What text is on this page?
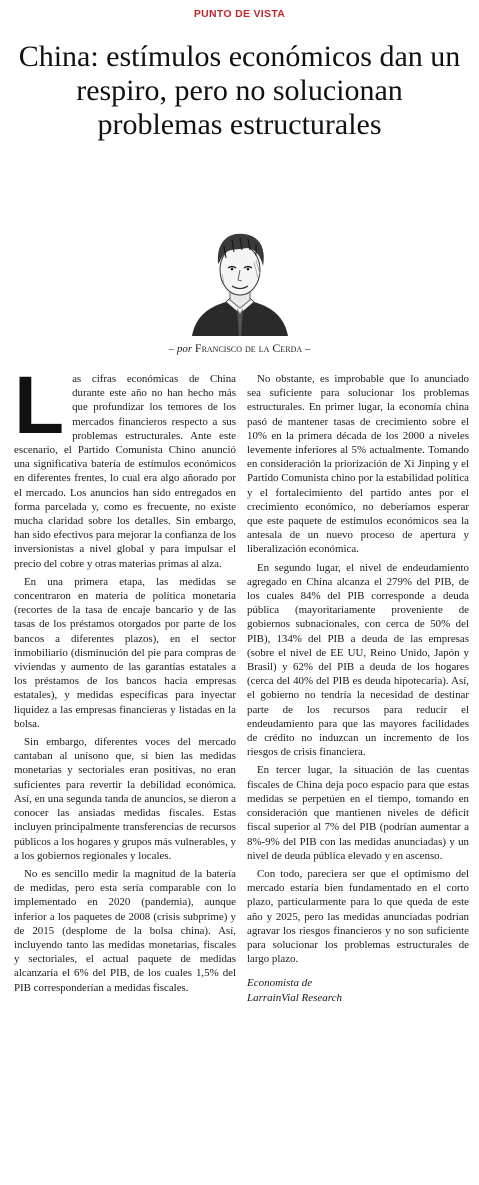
PUNTO DE VISTA
China: estímulos económicos dan un respiro, pero no solucionan problemas estructurales
– por Francisco de la Cerda –

Las cifras económicas de China durante este año no han hecho más que profundizar los temores de los mercados financieros respecto a sus problemas estructurales. Ante este escenario, el Partido Comunista Chino anunció una significativa batería de estímulos económicos en diferentes frentes, lo cual era algo añorado por el mercado. Los anuncios han sido entregados en forma parcelada y, como es frecuente, no existe mucha claridad sobre los detalles. Sin embargo, han sido efectivos para mejorar la confianza de los inversionistas a nivel global y para impulsar el precio del cobre y otras materias primas al alza.

En una primera etapa, las medidas se concentraron en materia de política monetaria (recortes de la tasa de encaje bancario y de las tasas de los préstamos otorgados por parte de los bancos a diferentes plazos), en el sector inmobiliario (disminución del pie para compras de viviendas y aumento de las garantías estatales a los préstamos de los bancos hacia empresas estatales), y medidas específicas para inyectar liquidez a las empresas financieras y listadas en la bolsa.

Sin embargo, diferentes voces del mercado cantaban al unísono que, si bien las medidas monetarias y sectoriales eran positivas, no eran suficientes para revertir la debilidad económica. Así, en una segunda tanda de anuncios, se dieron a conocer las ansiadas medidas fiscales. Estas incluyen principalmente transferencias de recursos públicos a los hogares y grupos más vulnerables, y a los gobiernos regionales y locales.

No es sencillo medir la magnitud de la batería de medidas, pero esta sería comparable con lo implementado en 2020 (pandemia), aunque inferior a los paquetes de 2008 (crisis subprime) y de 2015 (desplome de la bolsa china). Así, incluyendo tanto las medidas monetarias, fiscales y sectoriales, el actual paquete de medidas alcanzaría el 6% del PIB, de los cuales 1,5% del PIB corresponderían a medidas fiscales.

No obstante, es improbable que lo anunciado sea suficiente para solucionar los problemas estructurales. En primer lugar, la economía china pasó de mantener tasas de crecimiento sobre el 10% en la primera década de los 2000 a niveles levemente inferiores al 5% actualmente. Tomando en consideración la priorización de Xi Jinping y el Partido Comunista chino por la estabilidad política y el fortalecimiento del partido antes por el crecimiento económico, no deberíamos esperar que este paquete de estímulos económicos sea la antesala de un nuevo proceso de apertura y liberalización económica.

En segundo lugar, el nivel de endeudamiento agregado en China alcanza el 279% del PIB, de los cuales 84% del PIB corresponde a deuda pública (mayoritariamente proveniente de gobiernos subnacionales, con cerca de 50% del PIB), 134% del PIB a deuda de las empresas (sobre el nivel de EE UU, Reino Unido, Japón y Brasil) y 62% del PIB a deuda de los hogares (cerca del 40% del PIB es deuda hipotecaria). Así, el gobierno no tendría la necesidad de destinar parte de los recursos para reducir el endeudamiento para que las mayores facilidades de crédito no induzcan un incremento de los riesgos de crisis financiera.

En tercer lugar, la situación de las cuentas fiscales de China deja poco espacio para que estas medidas se perpetúen en el tiempo, tomando en consideración que mantienen niveles de déficit fiscal superior al 7% del PIB (podrían aumentar a 8%-9% del PIB con las medidas anunciadas) y un nivel de deuda pública elevado y en ascenso.

Con todo, pareciera ser que el optimismo del mercado estaría bien fundamentado en el corto plazo, particularmente para lo que queda de este año y 2025, pero las medidas anunciadas podrían agravar los riesgos financieros y no son suficiente para solucionar los problemas estructurales de largo plazo.

Economista de
LarrainVial Research
